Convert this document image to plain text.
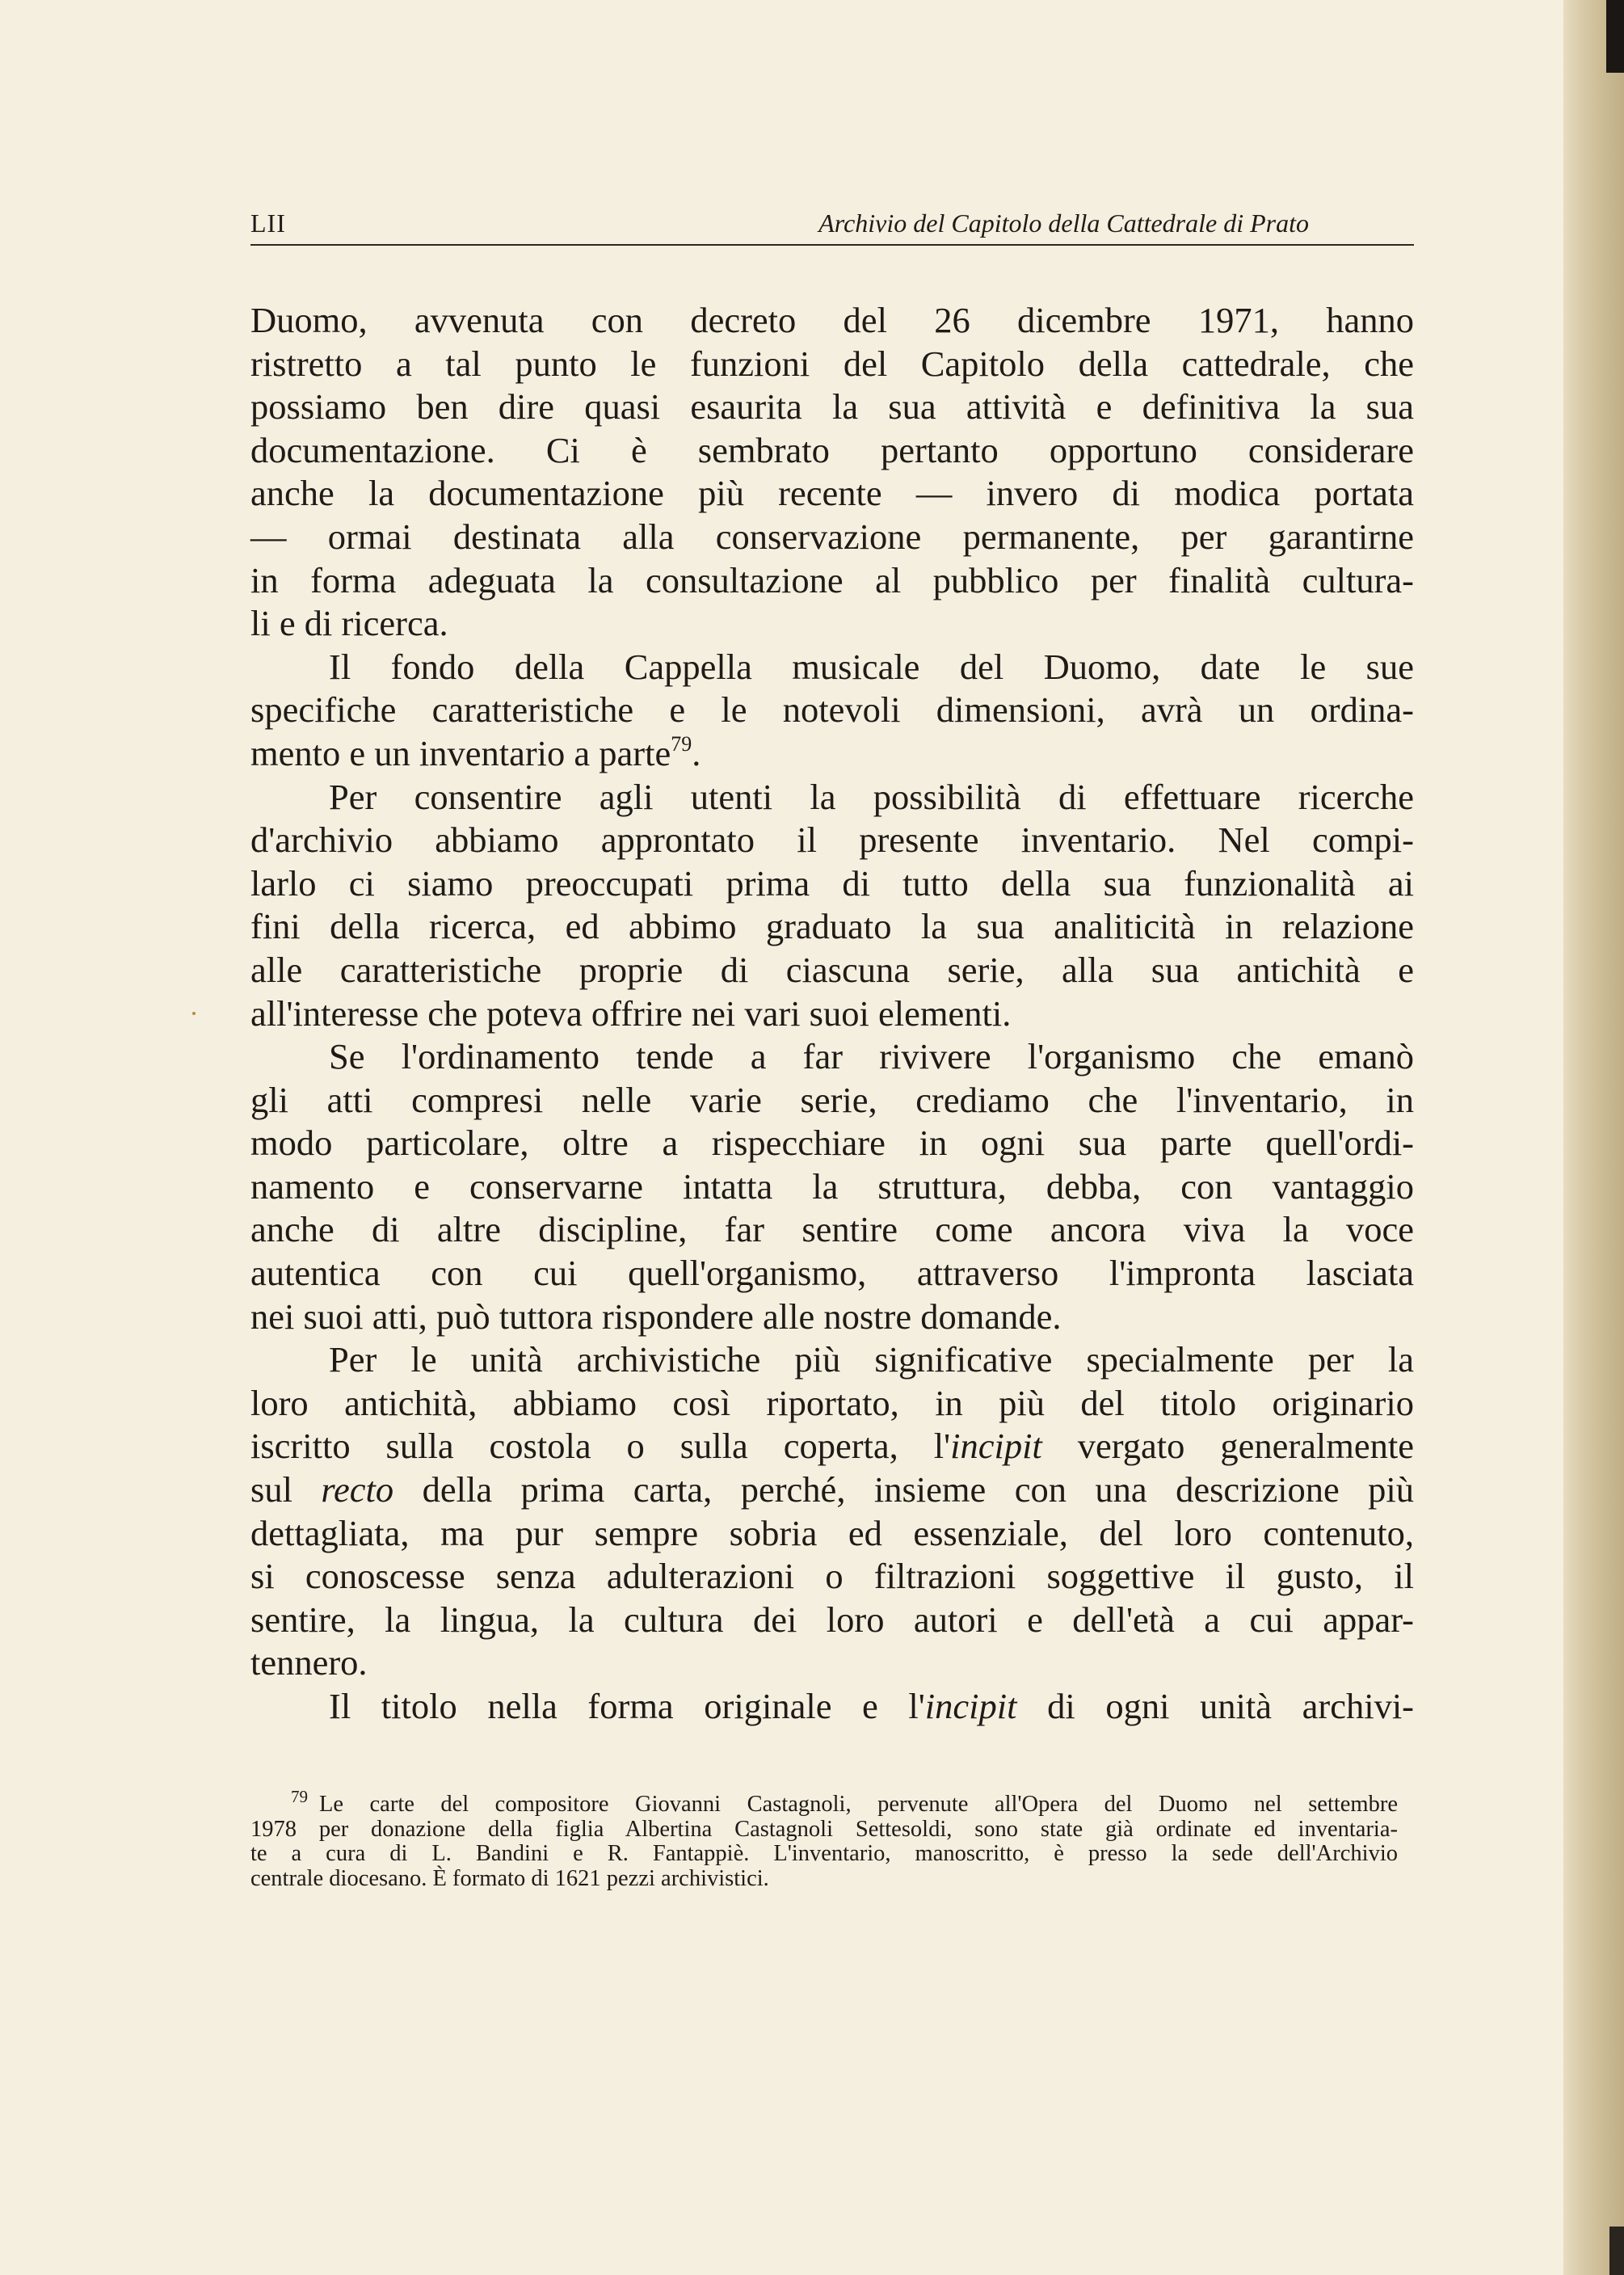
LII	Archivio del Capitolo della Cattedrale di Prato
Duomo, avvenuta con decreto del 26 dicembre 1971, hanno
ristretto a tal punto le funzioni del Capitolo della cattedrale, che
possiamo ben dire quasi esaurita la sua attività e definitiva la sua
documentazione. Ci è sembrato pertanto opportuno considerare
anche la documentazione più recente — invero di modica portata
— ormai destinata alla conservazione permanente, per garantirne
in forma adeguata la consultazione al pubblico per finalità cultura-
li e di ricerca.
Il fondo della Cappella musicale del Duomo, date le sue
specifiche caratteristiche e le notevoli dimensioni, avrà un ordina-
mento e un inventario a parte$^{79}$.
Per consentire agli utenti la possibilità di effettuare ricerche
d'archivio abbiamo approntato il presente inventario. Nel compi-
larlo ci siamo preoccupati prima di tutto della sua funzionalità ai
fini della ricerca, ed abbimo graduato la sua analiticità in relazione
alle caratteristiche proprie di ciascuna serie, alla sua antichità e
all'interesse che poteva offrire nei vari suoi elementi.
Se l'ordinamento tende a far rivivere l'organismo che emanò
gli atti compresi nelle varie serie, crediamo che l'inventario, in
modo particolare, oltre a rispecchiare in ogni sua parte quell'ordi-
namento e conservarne intatta la struttura, debba, con vantaggio
anche di altre discipline, far sentire come ancora viva la voce
autentica con cui quell'organismo, attraverso l'impronta lasciata
nei suoi atti, può tuttora rispondere alle nostre domande.
Per le unità archivistiche più significative specialmente per la
loro antichità, abbiamo così riportato, in più del titolo originario
iscritto sulla costola o sulla coperta, l'incipit vergato generalmente
sul recto della prima carta, perché, insieme con una descrizione più
dettagliata, ma pur sempre sobria ed essenziale, del loro contenuto,
si conoscesse senza adulterazioni o filtrazioni soggettive il gusto, il
sentire, la lingua, la cultura dei loro autori e dell'età a cui appar-
tennero.
Il titolo nella forma originale e l'incipit di ogni unità archivi-
$^{79}$ Le carte del compositore Giovanni Castagnoli, pervenute all'Opera del Duomo nel settembre
1978 per donazione della figlia Albertina Castagnoli Settesoldi, sono state già ordinate ed inventaria-
te a cura di L. Bandini e R. Fantappiè. L'inventario, manoscritto, è presso la sede dell'Archivio
centrale diocesano. È formato di 1621 pezzi archivistici.
